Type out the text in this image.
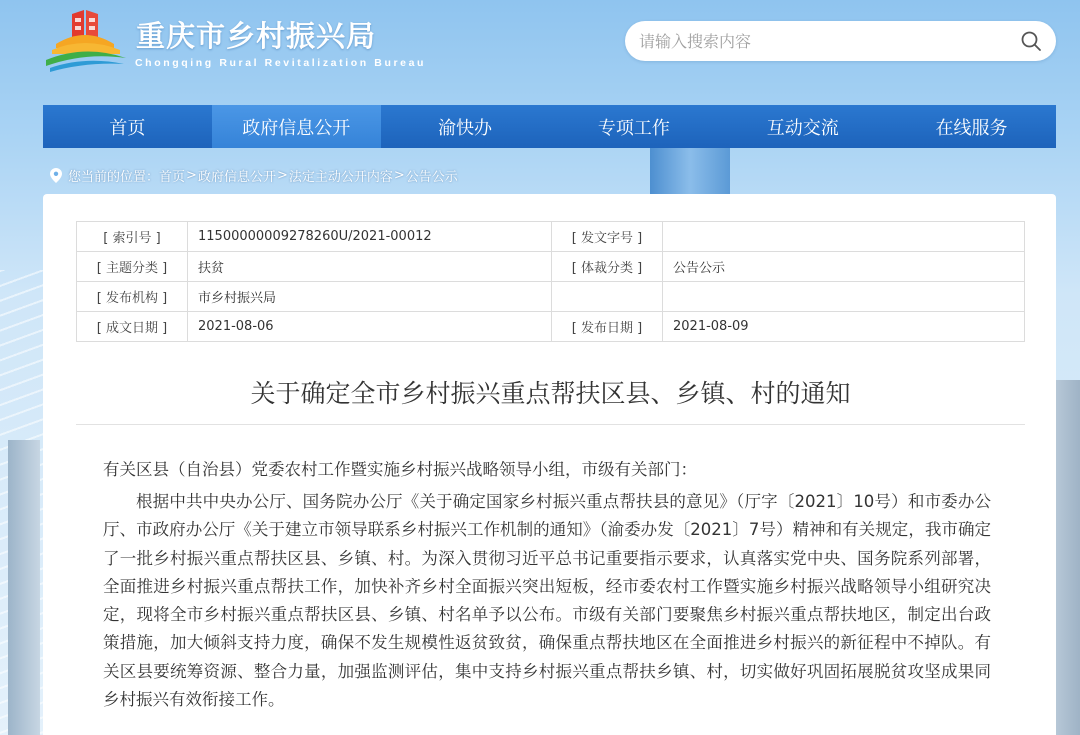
重庆市乡村振兴局
Chongqing Rural Revitalization Bureau
请输入搜索内容
首页	政府信息公开	渝快办	专项工作	互动交流	在线服务
您当前的位置： 首页 > 政府信息公开 > 法定主动公开内容 > 公告公示
[ 索引号 ]	11500000009278260U/2021-00012	[ 发文字号 ]	
[ 主题分类 ]	扶贫	[ 体裁分类 ]	公告公示
[ 发布机构 ]	市乡村振兴局		
[ 成文日期 ]	2021-08-06	[ 发布日期 ]	2021-08-09
关于确定全市乡村振兴重点帮扶区县、乡镇、村的通知

有关区县（自治县）党委农村工作暨实施乡村振兴战略领导小组，市级有关部门：

根据中共中央办公厅、国务院办公厅《关于确定国家乡村振兴重点帮扶县的意见》（厅字〔2021〕10号）和市委办公厅、市政府办公厅《关于建立市领导联系乡村振兴工作机制的通知》（渝委办发〔2021〕7号）精神和有关规定，我市确定了一批乡村振兴重点帮扶区县、乡镇、村。为深入贯彻习近平总书记重要指示要求，认真落实党中央、国务院系列部署，全面推进乡村振兴重点帮扶工作，加快补齐乡村全面振兴突出短板，经市委农村工作暨实施乡村振兴战略领导小组研究决定，现将全市乡村振兴重点帮扶区县、乡镇、村名单予以公布。市级有关部门要聚焦乡村振兴重点帮扶地区，制定出台政策措施，加大倾斜支持力度，确保不发生规模性返贫致贫，确保重点帮扶地区在全面推进乡村振兴的新征程中不掉队。有关区县要统筹资源、整合力量，加强监测评估，集中支持乡村振兴重点帮扶乡镇、村，切实做好巩固拓展脱贫攻坚成果同乡村振兴有效衔接工作。
